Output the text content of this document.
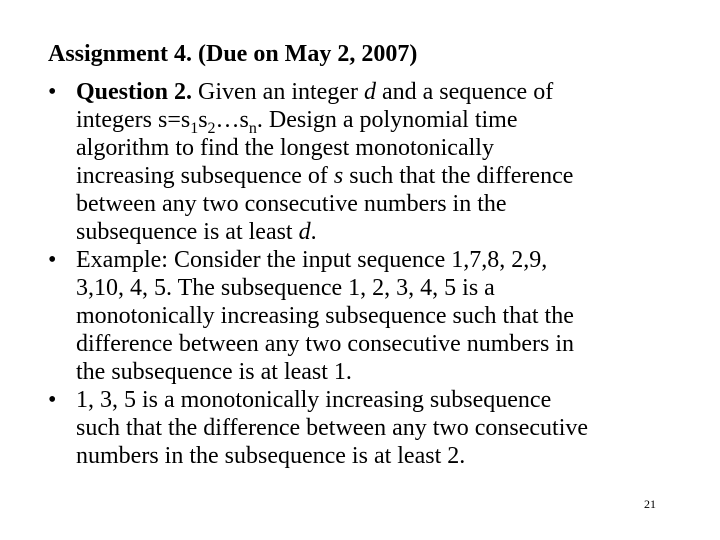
Assignment 4. (Due on May 2, 2007)
• Question 2. Given an integer d and a sequence of
integers $s=s_1s_2\dots s_n$. Design a polynomial time
algorithm to find the longest monotonically
increasing subsequence of s such that the difference
between any two consecutive numbers in the
subsequence is at least d.
• Example: Consider the input sequence 1,7,8, 2,9,
3,10, 4, 5. The subsequence 1, 2, 3, 4, 5 is a
monotonically increasing subsequence such that the
difference between any two consecutive numbers in
the subsequence is at least 1.
• 1, 3, 5 is a monotonically increasing subsequence
such that the difference between any two consecutive
numbers in the subsequence is at least 2.
21
